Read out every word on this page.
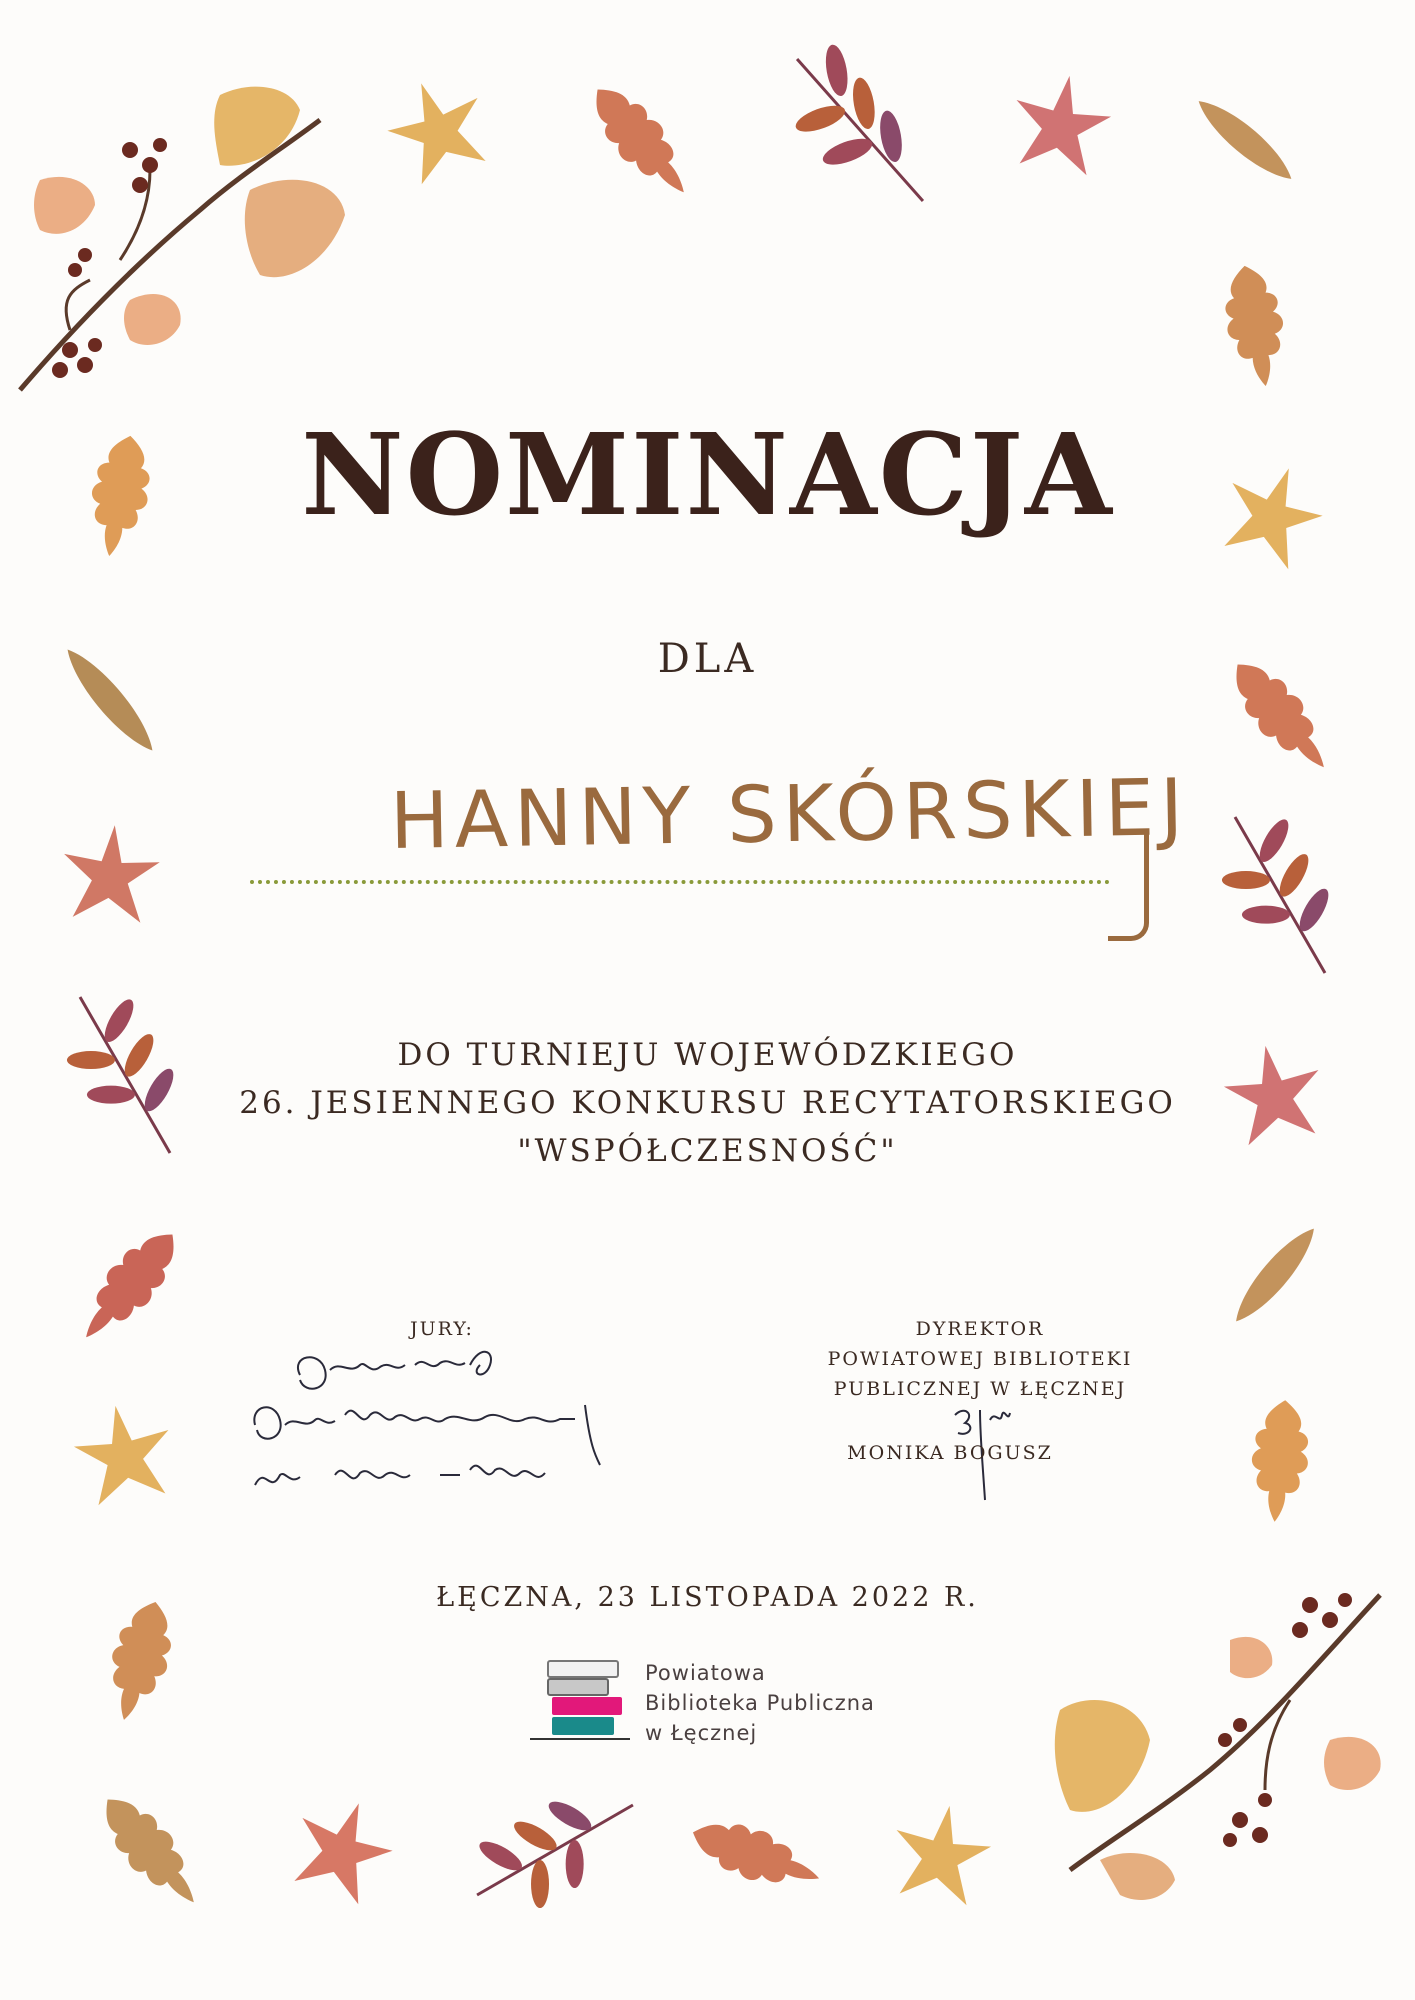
NOMINACJA
DLA
HANNY SKÓRSKIEJ
DO TURNIEJU WOJEWÓDZKIEGO
26. JESIENNEGO KONKURSU RECYTATORSKIEGO
"WSPÓŁCZESNOŚĆ"
JURY:	DYREKTOR
POWIATOWEJ BIBLIOTEKI
PUBLICZNEJ W ŁĘCZNEJ
MONIKA BOGUSZ
ŁĘCZNA, 23 LISTOPADA 2022 R.
Powiatowa
Biblioteka Publiczna
w Łęcznej
